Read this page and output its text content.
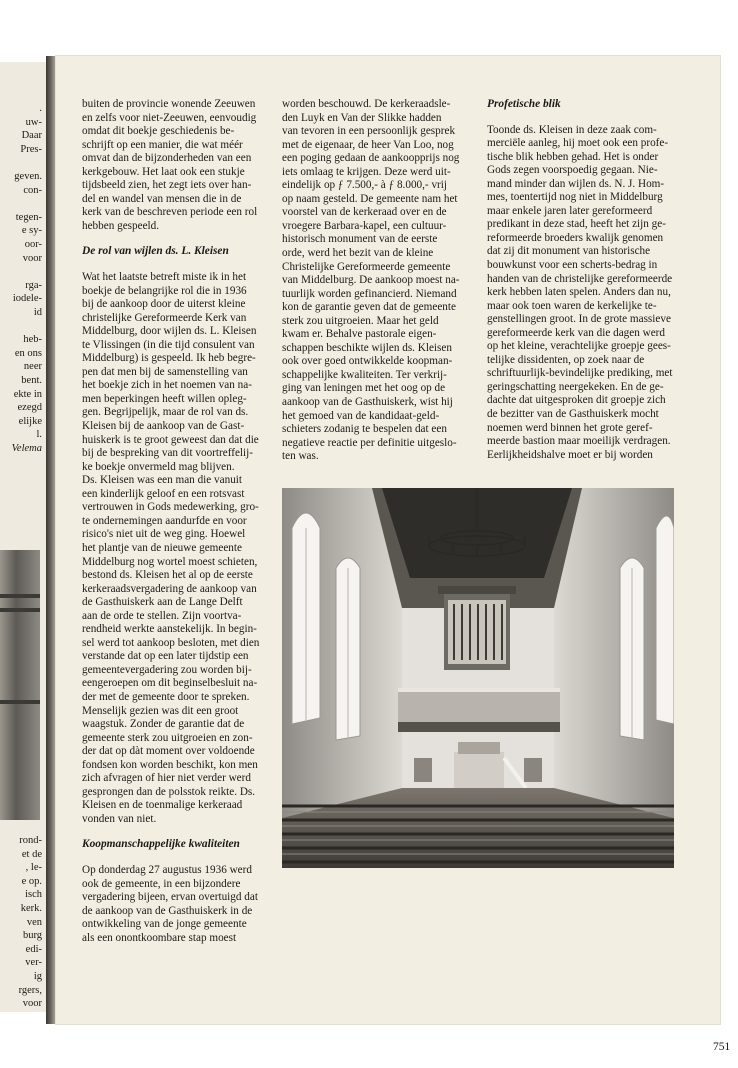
.
uw-
Daar
Pres-
geven.
con-
tegen-
e sy-
oor-
voor
rga-
iodele-
id
heb-
en ons
neer
bent.
ekte in
ezegd
elijke
l.
Velema
rond-
et de
, le-
e op.
isch
kerk.
ven
burg
edi-
ver-
ig
rgers,
voor

buiten de provincie wonende Zeeuwen
en zelfs voor niet-Zeeuwen, eenvoudig
omdat dit boekje geschiedenis be-
schrijft op een manier, die wat méér
omvat dan de bijzonderheden van een
kerkgebouw. Het laat ook een stukje
tijdsbeeld zien, het zegt iets over han-
del en wandel van mensen die in de
kerk van de beschreven periode een rol
hebben gespeeld.

De rol van wijlen ds. L. Kleisen

Wat het laatste betreft miste ik in het
boekje de belangrijke rol die in 1936
bij de aankoop door de uiterst kleine
christelijke Gereformeerde Kerk van
Middelburg, door wijlen ds. L. Kleisen
te Vlissingen (in die tijd consulent van
Middelburg) is gespeeld. Ik heb begre-
pen dat men bij de samenstelling van
het boekje zich in het noemen van na-
men beperkingen heeft willen opleg-
gen. Begrijpelijk, maar de rol van ds.
Kleisen bij de aankoop van de Gast-
huiskerk is te groot geweest dan dat die
bij de bespreking van dit voortreffelij-
ke boekje onvermeld mag blijven.
Ds. Kleisen was een man die vanuit
een kinderlijk geloof en een rotsvast
vertrouwen in Gods medewerking, gro-
te ondernemingen aandurfde en voor
risico's niet uit de weg ging. Hoewel
het plantje van de nieuwe gemeente
Middelburg nog wortel moest schieten,
bestond ds. Kleisen het al op de eerste
kerkeraadsvergadering de aankoop van
de Gasthuiskerk aan de Lange Delft
aan de orde te stellen. Zijn voortva-
rendheid werkte aanstekelijk. In begin-
sel werd tot aankoop besloten, met dien
verstande dat op een later tijdstip een
gemeentevergadering zou worden bij-
eengeroepen om dit beginselbesluit na-
der met de gemeente door te spreken.
Menselijk gezien was dit een groot
waagstuk. Zonder de garantie dat de
gemeente sterk zou uitgroeien en zon-
der dat op dàt moment over voldoende
fondsen kon worden beschikt, kon men
zich afvragen of hier niet verder werd
gesprongen dan de polsstok reikte. Ds.
Kleisen en de toenmalige kerkeraad
vonden van niet.

Koopmanschappelijke kwaliteiten

Op donderdag 27 augustus 1936 werd
ook de gemeente, in een bijzondere
vergadering bijeen, ervan overtuigd dat
de aankoop van de Gasthuiskerk in de
ontwikkeling van de jonge gemeente
als een onontkoombare stap moest

worden beschouwd. De kerkeraadsle-
den Luyk en Van der Slikke hadden
van tevoren in een persoonlijk gesprek
met de eigenaar, de heer Van Loo, nog
een poging gedaan de aankoopprijs nog
iets omlaag te krijgen. Deze werd uit-
eindelijk op ƒ 7.500,- à ƒ 8.000,- vrij
op naam gesteld. De gemeente nam het
voorstel van de kerkeraad over en de
vroegere Barbara-kapel, een cultuur-
historisch monument van de eerste
orde, werd het bezit van de kleine
Christelijke Gereformeerde gemeente
van Middelburg. De aankoop moest na-
tuurlijk worden gefinancierd. Niemand
kon de garantie geven dat de gemeente
sterk zou uitgroeien. Maar het geld
kwam er. Behalve pastorale eigen-
schappen beschikte wijlen ds. Kleisen
ook over goed ontwikkelde koopman-
schappelijke kwaliteiten. Ter verkrij-
ging van leningen met het oog op de
aankoop van de Gasthuiskerk, wist hij
het gemoed van de kandidaat-geld-
schieters zodanig te bespelen dat een
negatieve reactie per definitie uitgeslo-
ten was.

Profetische blik

Toonde ds. Kleisen in deze zaak com-
merciële aanleg, hij moet ook een profe-
tische blik hebben gehad. Het is onder
Gods zegen voorspoedig gegaan. Nie-
mand minder dan wijlen ds. N. J. Hom-
mes, toentertijd nog niet in Middelburg
maar enkele jaren later gereformeerd
predikant in deze stad, heeft het zijn ge-
reformeerde broeders kwalijk genomen
dat zij dit monument van historische
bouwkunst voor een scherts-bedrag in
handen van de christelijke gereformeerde
kerk hebben laten spelen. Anders dan nu,
maar ook toen waren de kerkelijke te-
genstellingen groot. In de grote massieve
gereformeerde kerk van die dagen werd
op het kleine, verachtelijke groepje gees-
telijke dissidenten, op zoek naar de
schriftuurlijk-bevindelijke prediking, met
geringschatting neergekeken. En de ge-
dachte dat uitgesproken dit groepje zich
de bezitter van de Gasthuiskerk mocht
noemen werd binnen het grote geref-
meerde bastion maar moeilijk verdragen.
Eerlijkheidshalve moet er bij worden

751
